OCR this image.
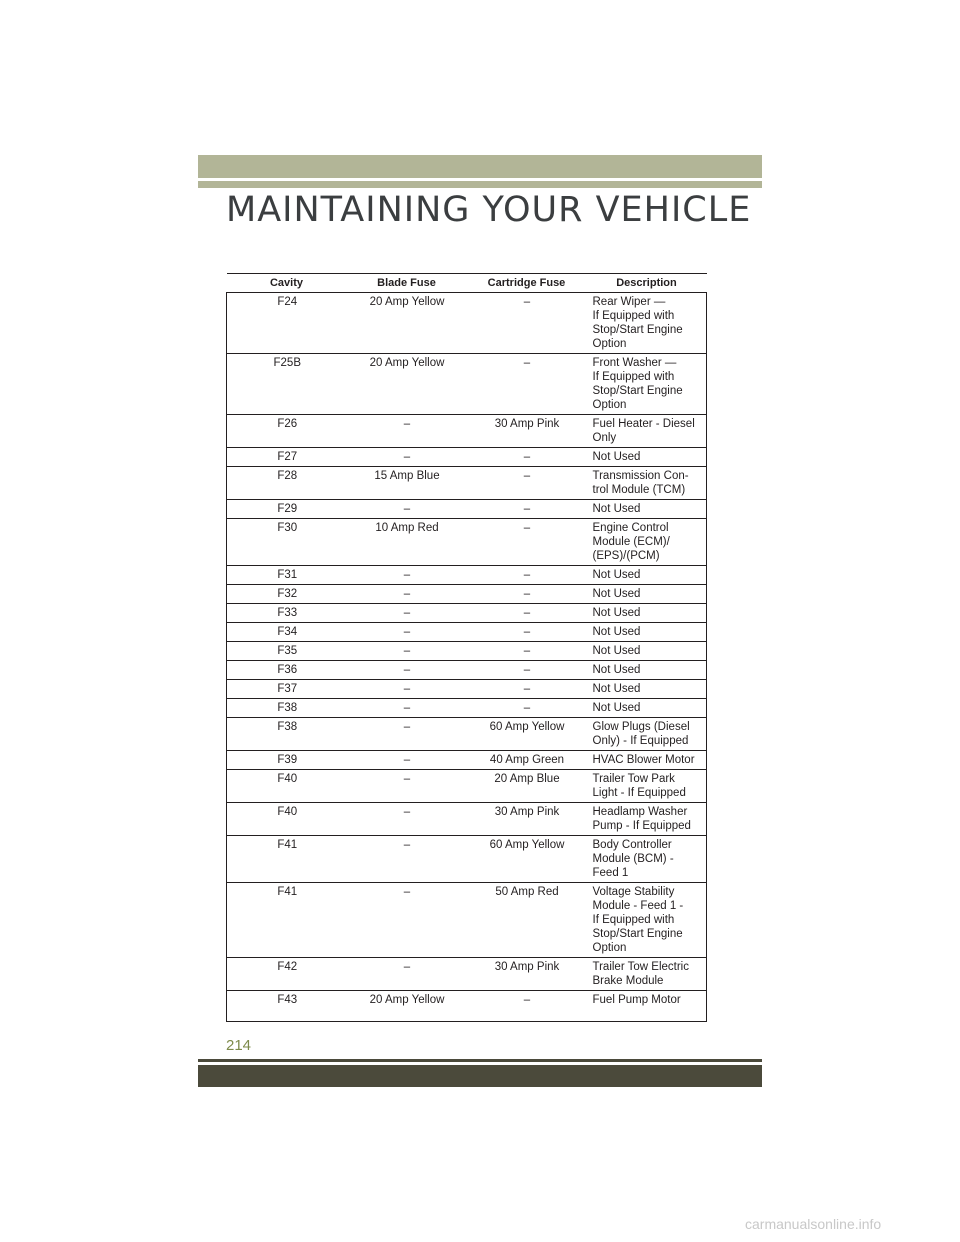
MAINTAINING YOUR VEHICLE
Cavity	Blade Fuse	Cartridge Fuse	Description
F24	20 Amp Yellow	–	Rear Wiper —
If Equipped with
Stop/Start Engine
Option
F25B	20 Amp Yellow	–	Front Washer —
If Equipped with
Stop/Start Engine
Option
F26	–	30 Amp Pink	Fuel Heater - Diesel
Only
F27	–	–	Not Used
F28	15 Amp Blue	–	Transmission Con-
trol Module (TCM)
F29	–	–	Not Used
F30	10 Amp Red	–	Engine Control
Module (ECM)/
(EPS)/(PCM)
F31	–	–	Not Used
F32	–	–	Not Used
F33	–	–	Not Used
F34	–	–	Not Used
F35	–	–	Not Used
F36	–	–	Not Used
F37	–	–	Not Used
F38	–	–	Not Used
F38	–	60 Amp Yellow	Glow Plugs (Diesel
Only) - If Equipped
F39	–	40 Amp Green	HVAC Blower Motor
F40	–	20 Amp Blue	Trailer Tow Park
Light - If Equipped
F40	–	30 Amp Pink	Headlamp Washer
Pump - If Equipped
F41	–	60 Amp Yellow	Body Controller
Module (BCM) -
Feed 1
F41	–	50 Amp Red	Voltage Stability
Module - Feed 1 -
If Equipped with
Stop/Start Engine
Option
F42	–	30 Amp Pink	Trailer Tow Electric
Brake Module
F43	20 Amp Yellow	–	Fuel Pump Motor
214
carmanualsonline.info
